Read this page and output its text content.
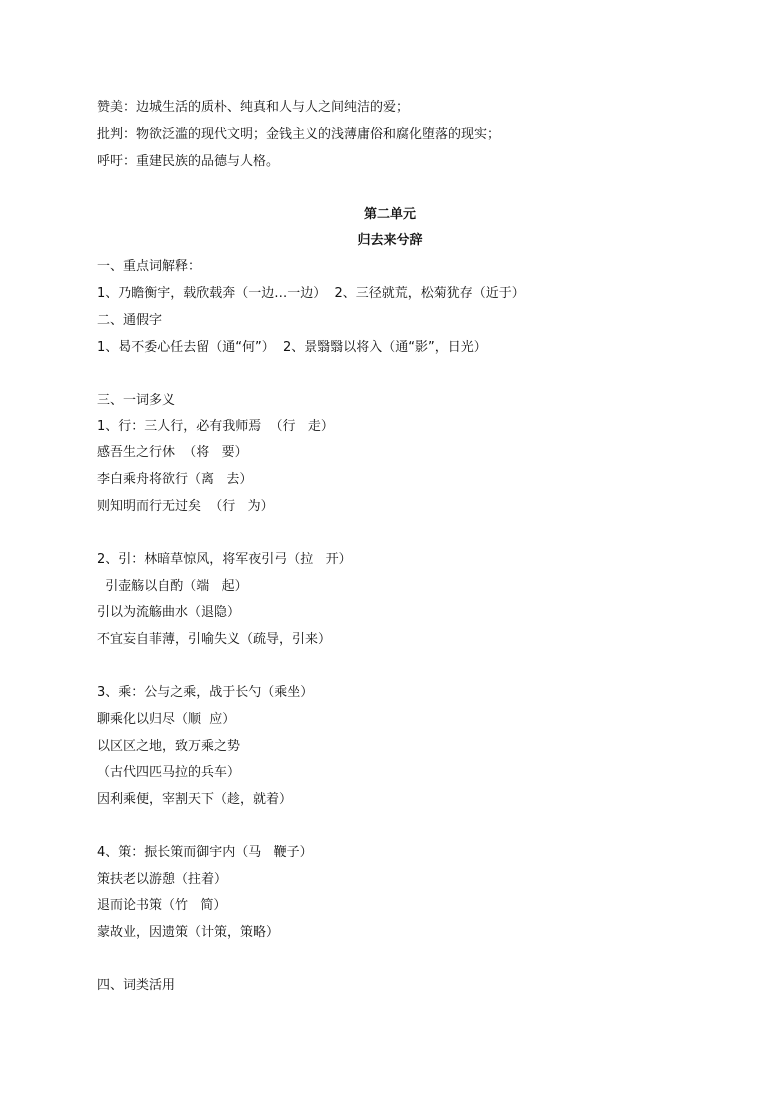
赞美：边城生活的质朴、纯真和人与人之间纯洁的爱；
批判：物欲泛滥的现代文明；金钱主义的浅薄庸俗和腐化堕落的现实；
呼吁：重建民族的品德与人格。
第二单元
归去来兮辞
一、重点词解释：
1、乃瞻衡宇，载欣载奔（一边…一边）  2、三径就荒，松菊犹存（近于）
二、通假字
1、曷不委心任去留（通“何”）  2、景翳翳以将入（通“影”，日光）
三、一词多义
1、行：三人行，必有我师焉  （行   走）
感吾生之行休  （将   要）
李白乘舟将欲行（离   去）
则知明而行无过矣  （行   为）
2、引：林暗草惊风，将军夜引弓（拉   开）
引壶觞以自酌（端   起）
引以为流觞曲水（退隐）
不宜妄自菲薄，引喻失义（疏导，引来）
3、乘：公与之乘，战于长勺（乘坐）
聊乘化以归尽（顺  应）
以区区之地，致万乘之势
（古代四匹马拉的兵车）
因利乘便，宰割天下（趁，就着）
4、策：振长策而御宇内（马   鞭子）
策扶老以游憩（拄着）
退而论书策（竹   简）
蒙故业，因遗策（计策，策略）
四、词类活用
